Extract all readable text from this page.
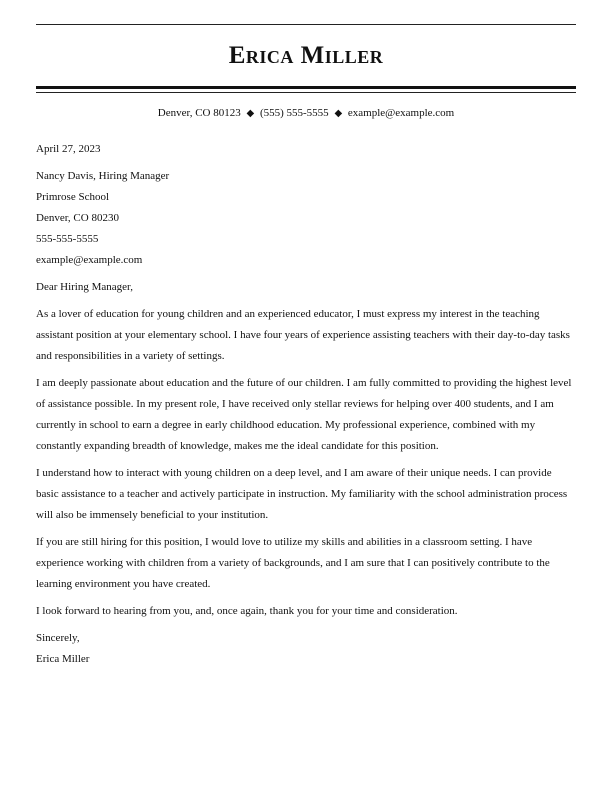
Erica Miller
Denver, CO 80123 ◆ (555) 555-5555 ◆ example@example.com

April 27, 2023

Nancy Davis, Hiring Manager
Primrose School
Denver, CO 80230
555-555-5555
example@example.com

Dear Hiring Manager,

As a lover of education for young children and an experienced educator, I must express my interest in the teaching assistant position at your elementary school. I have four years of experience assisting teachers with their day-to-day tasks and responsibilities in a variety of settings.

I am deeply passionate about education and the future of our children. I am fully committed to providing the highest level of assistance possible. In my present role, I have received only stellar reviews for helping over 400 students, and I am currently in school to earn a degree in early childhood education. My professional experience, combined with my constantly expanding breadth of knowledge, makes me the ideal candidate for this position.

I understand how to interact with young children on a deep level, and I am aware of their unique needs. I can provide basic assistance to a teacher and actively participate in instruction. My familiarity with the school administration process will also be immensely beneficial to your institution.

If you are still hiring for this position, I would love to utilize my skills and abilities in a classroom setting. I have experience working with children from a variety of backgrounds, and I am sure that I can positively contribute to the learning environment you have created.

I look forward to hearing from you, and, once again, thank you for your time and consideration.

Sincerely,
Erica Miller
